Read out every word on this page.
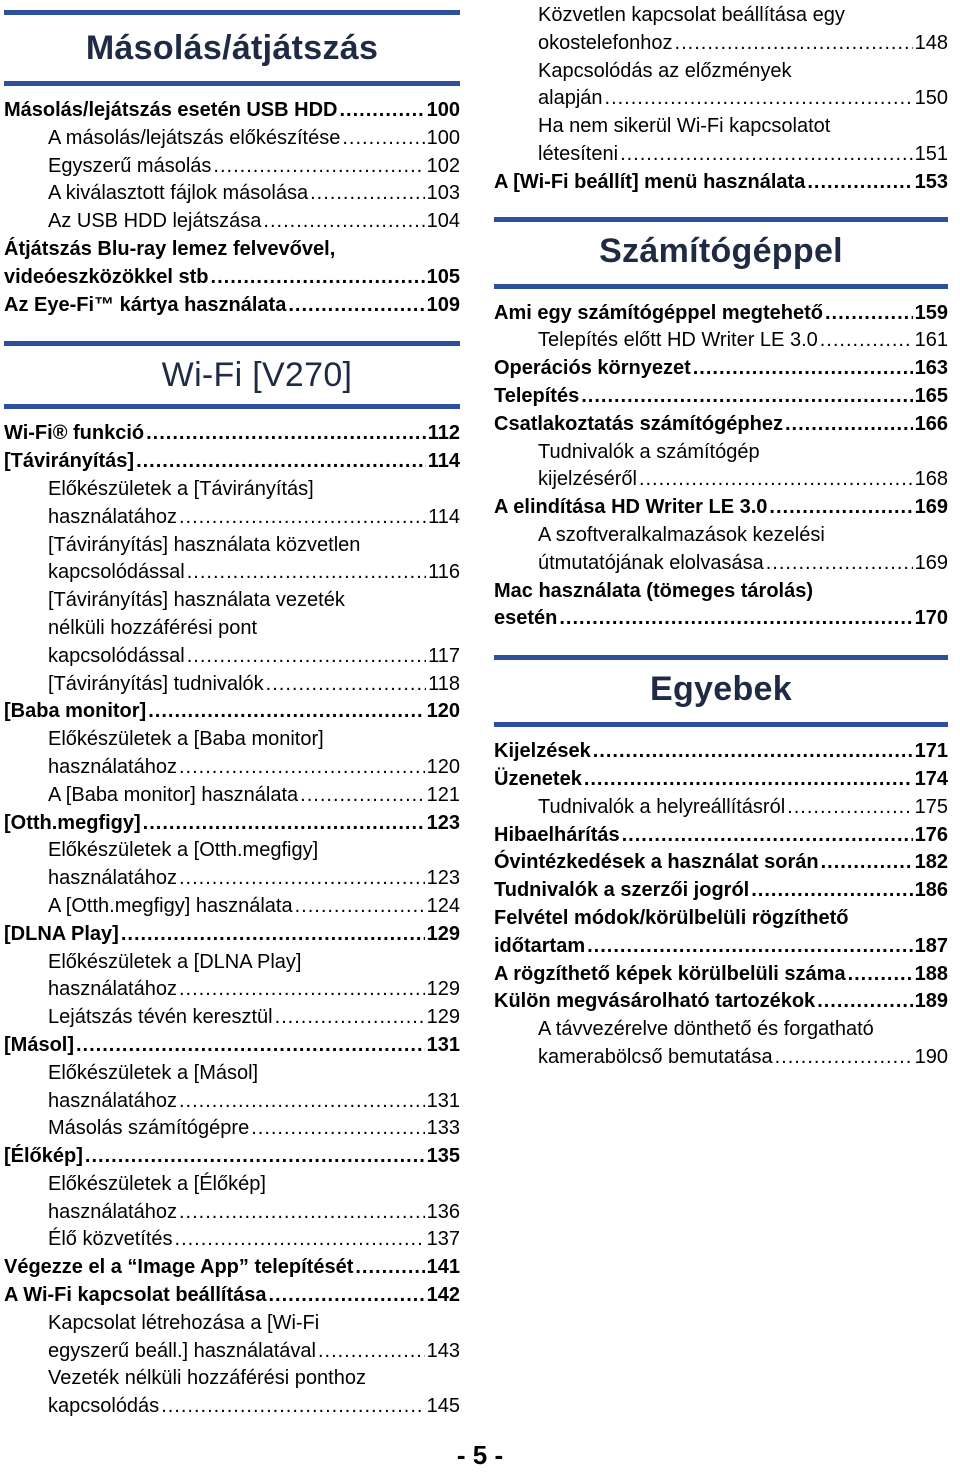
Másolás/átjátszás
Másolás/lejátszás esetén USB HDD .....	100
A másolás/lejátszás előkészítése .....	100
Egyszerű másolás .....	102
A kiválasztott fájlok másolása .....	103
Az USB HDD lejátszása .....	104
Átjátszás Blu-ray lemez felvevővel,
videóeszközökkel stb .....	105
Az Eye-Fi™ kártya használata .....	109
Wi-Fi [V270]
Wi-Fi® funkció .....	112
[Távirányítás] .....	114
Előkészületek a [Távirányítás]
használatához .....	114
[Távirányítás] használata közvetlen
kapcsolódással .....	116
[Távirányítás] használata vezeték
nélküli hozzáférési pont
kapcsolódással .....	117
[Távirányítás] tudnivalók .....	118
[Baba monitor] .....	120
Előkészületek a [Baba monitor]
használatához .....	120
A [Baba monitor] használata .....	121
[Otth.megfigy] .....	123
Előkészületek a [Otth.megfigy]
használatához .....	123
A [Otth.megfigy] használata .....	124
[DLNA Play] .....	129
Előkészületek a [DLNA Play]
használatához .....	129
Lejátszás tévén keresztül .....	129
[Másol] .....	131
Előkészületek a [Másol]
használatához .....	131
Másolás számítógépre .....	133
[Élőkép] .....	135
Előkészületek a [Élőkép]
használatához .....	136
Élő közvetítés .....	137
Végezze el a “Image App” telepítését .....	141
A Wi-Fi kapcsolat beállítása .....	142
Kapcsolat létrehozása a [Wi-Fi
egyszerű beáll.] használatával .....	143
Vezeték nélküli hozzáférési ponthoz
kapcsolódás .....	145
Közvetlen kapcsolat beállítása egy
okostelefonhoz .....	148
Kapcsolódás az előzmények
alapján .....	150
Ha nem sikerül Wi-Fi kapcsolatot
létesíteni .....	151
A [Wi-Fi beállít] menü használata .....	153
Számítógéppel
Ami egy számítógéppel megtehető .....	159
Telepítés előtt HD Writer LE 3.0 .....	161
Operációs környezet .....	163
Telepítés .....	165
Csatlakoztatás számítógéphez .....	166
Tudnivalók a számítógép
kijelzéséről .....	168
A elindítása HD Writer LE 3.0 .....	169
A szoftveralkalmazások kezelési
útmutatójának elolvasása .....	169
Mac használata (tömeges tárolás)
esetén .....	170
Egyebek
Kijelzések .....	171
Üzenetek .....	174
Tudnivalók a helyreállításról .....	175
Hibaelhárítás .....	176
Óvintézkedések a használat során .....	182
Tudnivalók a szerzői jogról .....	186
Felvétel módok/körülbelüli rögzíthető
időtartam .....	187
A rögzíthető képek körülbelüli száma .....	188
Külön megvásárolható tartozékok .....	189
A távvezérelve dönthető és forgatható
kamerabölcső bemutatása .....	190
- 5 -
